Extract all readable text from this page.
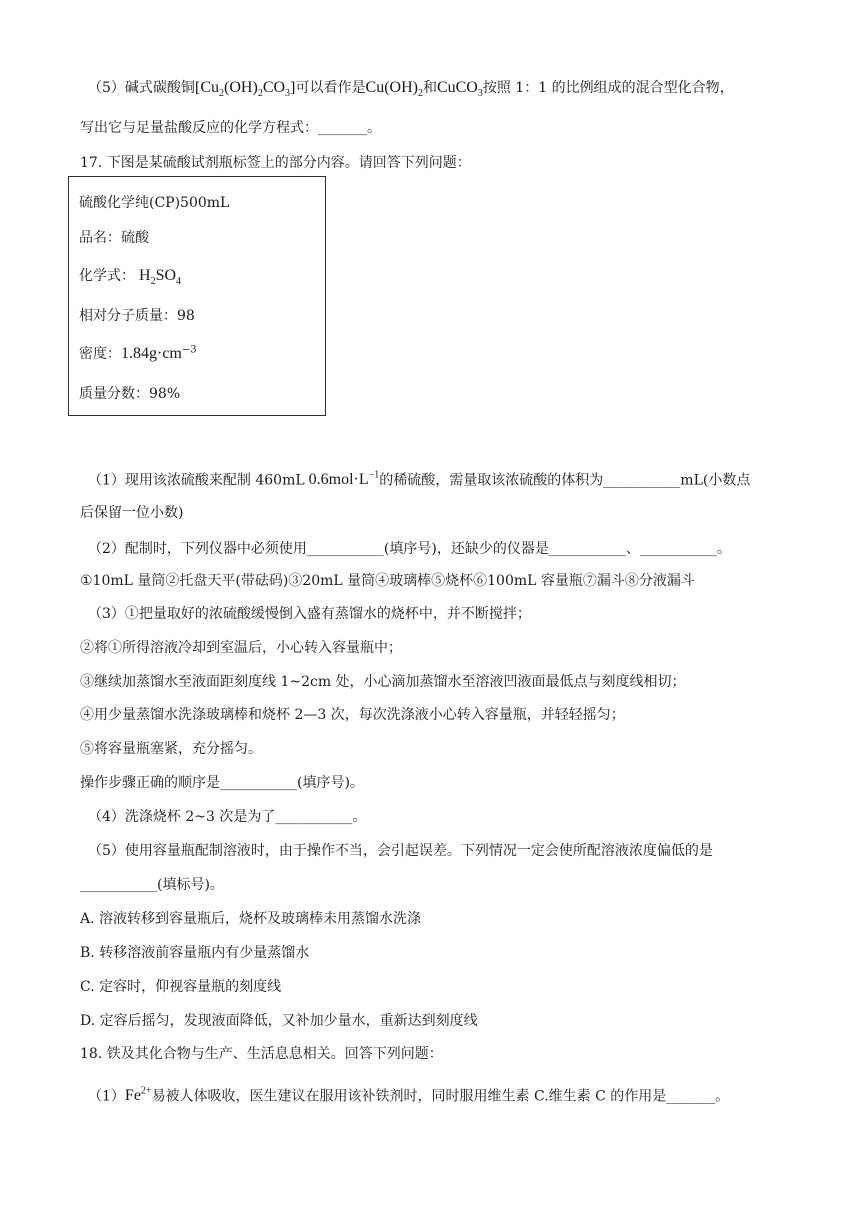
（5）碱式碳酸铜$[Cu_2(OH)_2CO_3]$可以看作是$Cu(OH)_2$和CuCO$_3$按照 1：1 的比例组成的混合型化合物，
写出它与足量盐酸反应的化学方程式：_______。
17. 下图是某硫酸试剂瓶标签上的部分内容。请回答下列问题：
硫酸化学纯(CP)500mL
品名：硫酸
化学式： $H_2SO_4$
相对分子质量：98
密度：$1.84g\cdot cm^{-3}$
质量分数：98%
（1）现用该浓硫酸来配制 460mL $0.6mol\cdot L^{-1}$的稀硫酸，需量取该浓硫酸的体积为___________mL(小数点
后保留一位小数)
（2）配制时，下列仪器中必须使用___________(填序号)，还缺少的仪器是___________、___________。
①10mL 量筒②托盘天平(带砝码)③20mL 量筒④玻璃棒⑤烧杯⑥100mL 容量瓶⑦漏斗⑧分液漏斗
（3）①把量取好的浓硫酸缓慢倒入盛有蒸馏水的烧杯中，并不断搅拌；
②将①所得溶液冷却到室温后，小心转入容量瓶中；
③继续加蒸馏水至液面距刻度线 1~2cm 处，小心滴加蒸馏水至溶液凹液面最低点与刻度线相切；
④用少量蒸馏水洗涤玻璃棒和烧杯 2—3 次，每次洗涤液小心转入容量瓶，并轻轻摇匀；
⑤将容量瓶塞紧，充分摇匀。
操作步骤正确的顺序是___________(填序号)。
（4）洗涤烧杯 2~3 次是为了___________。
（5）使用容量瓶配制溶液时，由于操作不当，会引起误差。下列情况一定会使所配溶液浓度偏低的是
___________(填标号)。
A. 溶液转移到容量瓶后，烧杯及玻璃棒未用蒸馏水洗涤
B. 转移溶液前容量瓶内有少量蒸馏水
C. 定容时，仰视容量瓶的刻度线
D. 定容后摇匀，发现液面降低，又补加少量水，重新达到刻度线
18. 铁及其化合物与生产、生活息息相关。回答下列问题：
$(1)Fe^{2+}$易被人体吸收，医生建议在服用该补铁剂时，同时服用维生素 C.维生素 C 的作用是_______。
